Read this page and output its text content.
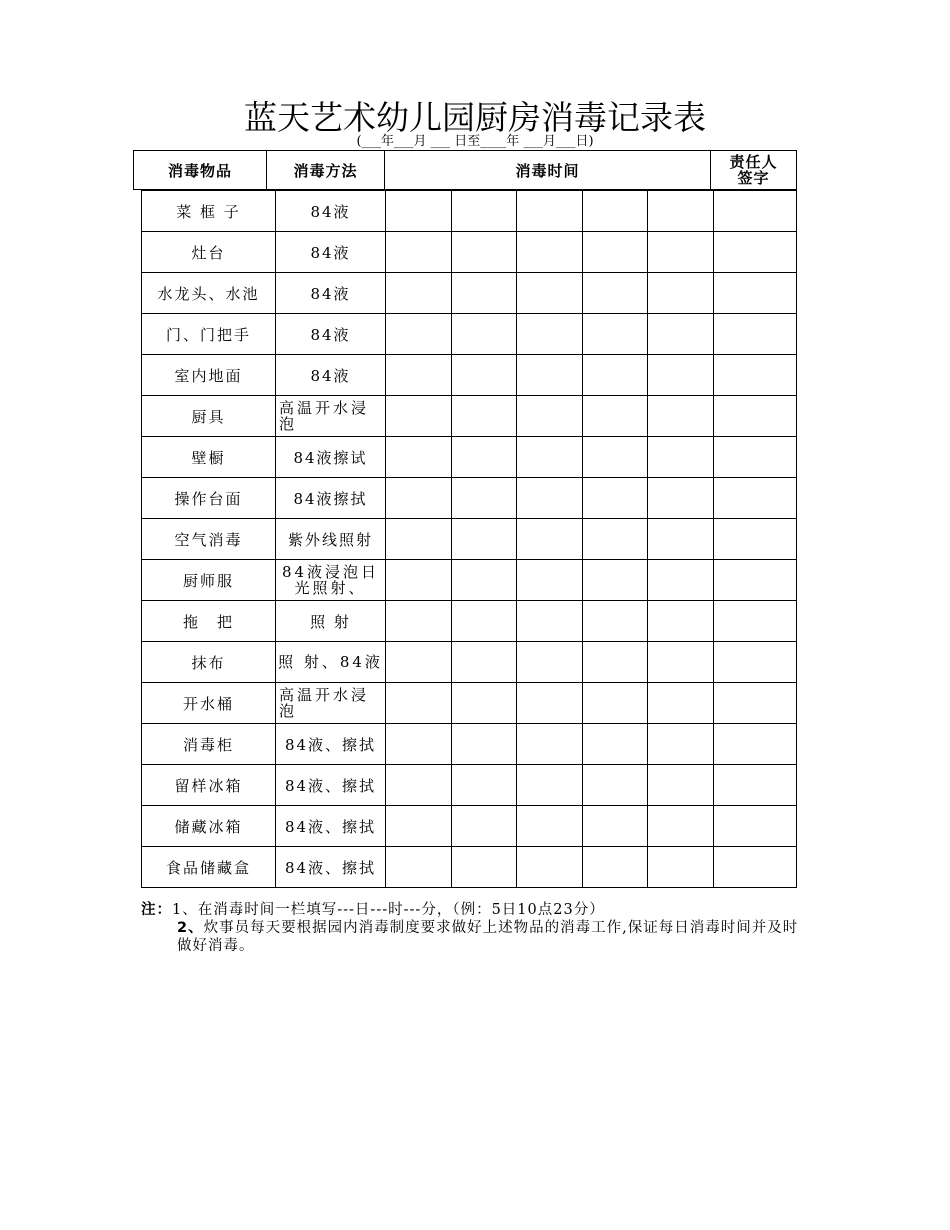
蓝天艺术幼儿园厨房消毒记录表
(___年___月 ___ 日至____年 ___月___日)
消毒物品	消毒方法	消毒时间	责任人
签字
菜 框 子	84液						
灶台	84液						
水龙头、水池	84液						
门、门把手	84液						
室内地面	84液						
厨具	高温开水浸泡						
壁橱	84液擦试						
操作台面	84液擦拭						
空气消毒	紫外线照射						
厨师服	84液浸泡日光照射、						
拖　把	照 射						
抹布	照 射、84液						
开水桶	高温开水浸泡						
消毒柜	84液、擦拭						
留样冰箱	84液、擦拭						
储藏冰箱	84液、擦拭						
食品储藏盒	84液、擦拭						
注：1、在消毒时间一栏填写---日---时---分，（例：5日10点23分）
2、炊事员每天要根据园内消毒制度要求做好上述物品的消毒工作,保证每日消毒时间并及时做好消毒。
